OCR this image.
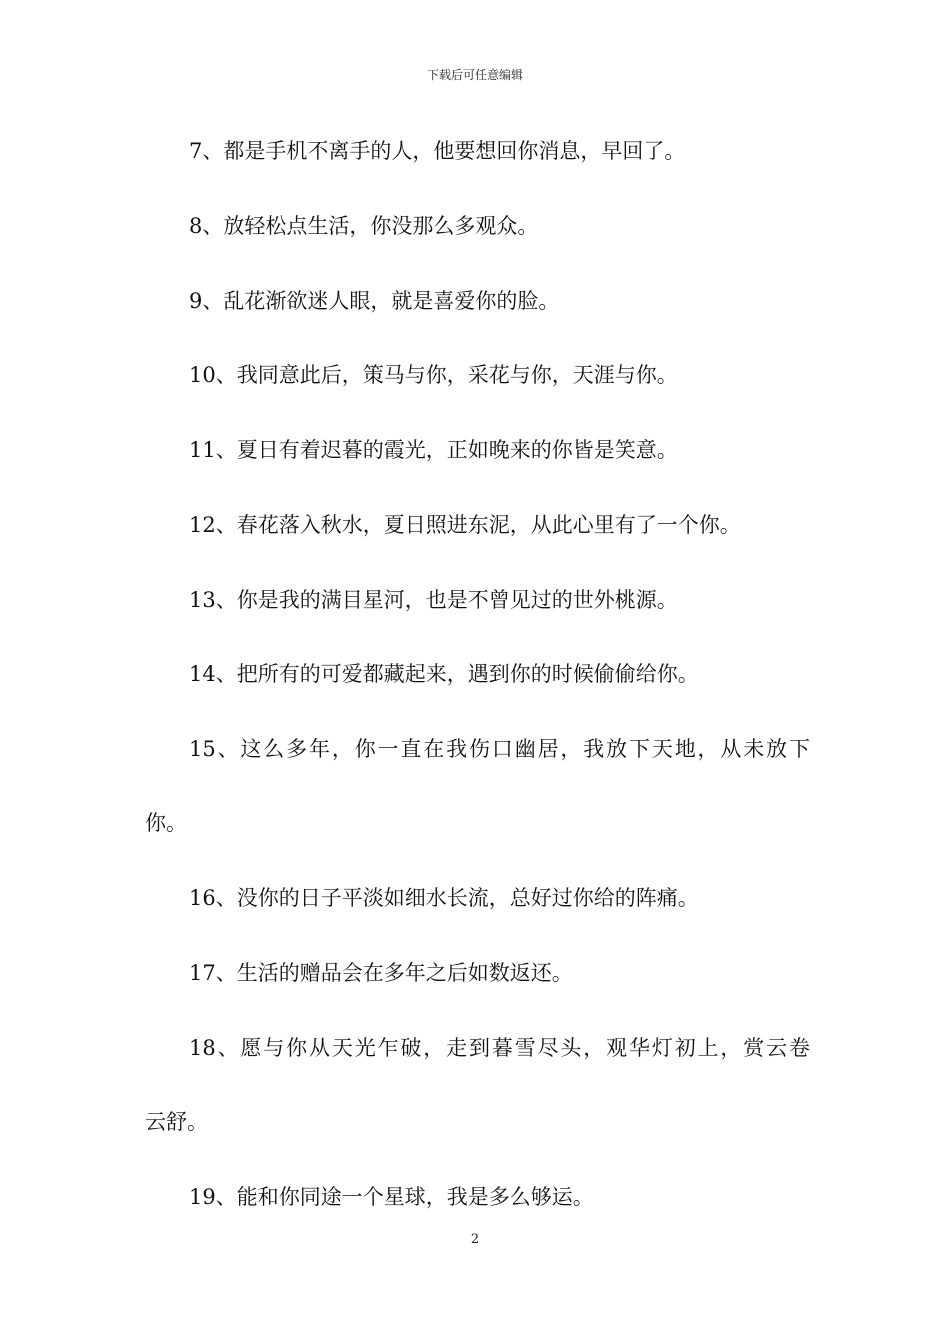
下载后可任意编辑
7、都是手机不离手的人，他要想回你消息，早回了。
8、放轻松点生活，你没那么多观众。
9、乱花渐欲迷人眼，就是喜爱你的脸。
10、我同意此后，策马与你，采花与你，天涯与你。
11、夏日有着迟暮的霞光，正如晚来的你皆是笑意。
12、春花落入秋水，夏日照进东泥，从此心里有了一个你。
13、你是我的满目星河，也是不曾见过的世外桃源。
14、把所有的可爱都藏起来，遇到你的时候偷偷给你。
15、这么多年，你一直在我伤口幽居，我放下天地，从未放下
你。
16、没你的日子平淡如细水长流，总好过你给的阵痛。
17、生活的赠品会在多年之后如数返还。
18、愿与你从天光乍破，走到暮雪尽头，观华灯初上，赏云卷
云舒。
19、能和你同途一个星球，我是多么够运。
2
